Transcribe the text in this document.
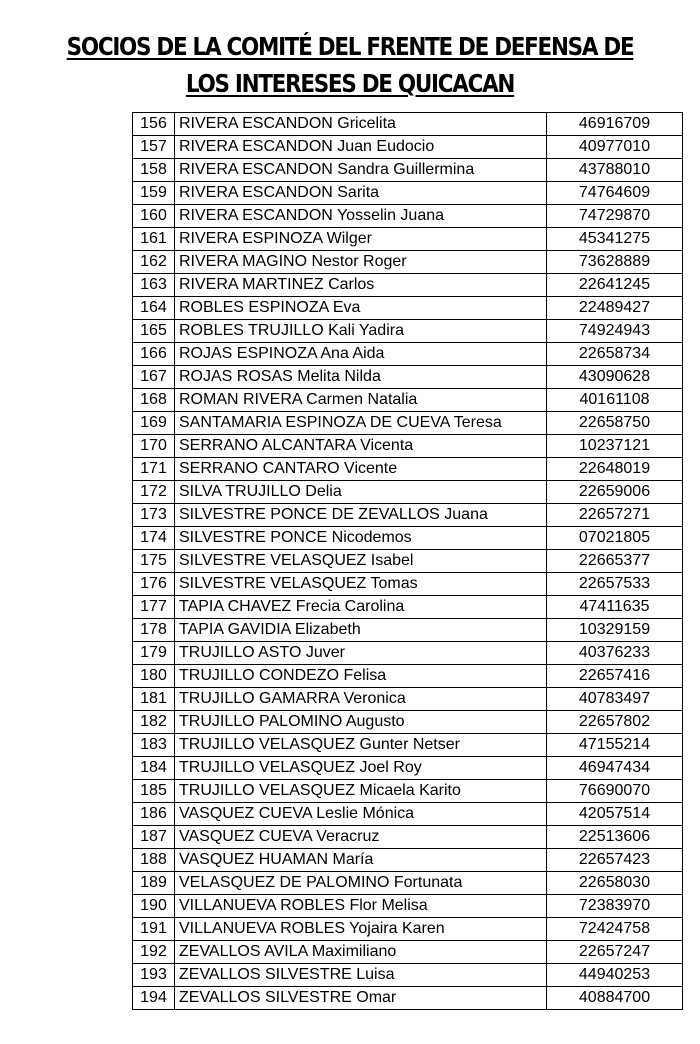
SOCIOS DE LA COMITÉ DEL FRENTE DE DEFENSA DE LOS INTERESES DE QUICACAN
156	RIVERA ESCANDON Gricelita	46916709
157	RIVERA ESCANDON Juan Eudocio	40977010
158	RIVERA ESCANDON Sandra Guillermina	43788010
159	RIVERA ESCANDON Sarita	74764609
160	RIVERA ESCANDON Yosselin Juana	74729870
161	RIVERA ESPINOZA Wilger	45341275
162	RIVERA MAGINO Nestor Roger	73628889
163	RIVERA MARTINEZ Carlos	22641245
164	ROBLES ESPINOZA Eva	22489427
165	ROBLES TRUJILLO Kali Yadira	74924943
166	ROJAS ESPINOZA Ana Aida	22658734
167	ROJAS ROSAS Melita Nilda	43090628
168	ROMAN RIVERA Carmen Natalia	40161108
169	SANTAMARIA ESPINOZA DE CUEVA Teresa	22658750
170	SERRANO ALCANTARA Vicenta	10237121
171	SERRANO CANTARO Vicente	22648019
172	SILVA TRUJILLO Delia	22659006
173	SILVESTRE PONCE DE ZEVALLOS Juana	22657271
174	SILVESTRE PONCE Nicodemos	07021805
175	SILVESTRE VELASQUEZ Isabel	22665377
176	SILVESTRE VELASQUEZ Tomas	22657533
177	TAPIA CHAVEZ Frecia Carolina	47411635
178	TAPIA GAVIDIA Elizabeth	10329159
179	TRUJILLO ASTO Juver	40376233
180	TRUJILLO CONDEZO Felisa	22657416
181	TRUJILLO GAMARRA Veronica	40783497
182	TRUJILLO PALOMINO Augusto	22657802
183	TRUJILLO VELASQUEZ Gunter Netser	47155214
184	TRUJILLO VELASQUEZ Joel Roy	46947434
185	TRUJILLO VELASQUEZ Micaela Karito	76690070
186	VASQUEZ CUEVA Leslie Mónica	42057514
187	VASQUEZ CUEVA Veracruz	22513606
188	VASQUEZ HUAMAN María	22657423
189	VELASQUEZ DE PALOMINO Fortunata	22658030
190	VILLANUEVA ROBLES Flor Melisa	72383970
191	VILLANUEVA ROBLES Yojaira Karen	72424758
192	ZEVALLOS AVILA Maximiliano	22657247
193	ZEVALLOS SILVESTRE Luisa	44940253
194	ZEVALLOS SILVESTRE Omar	40884700
